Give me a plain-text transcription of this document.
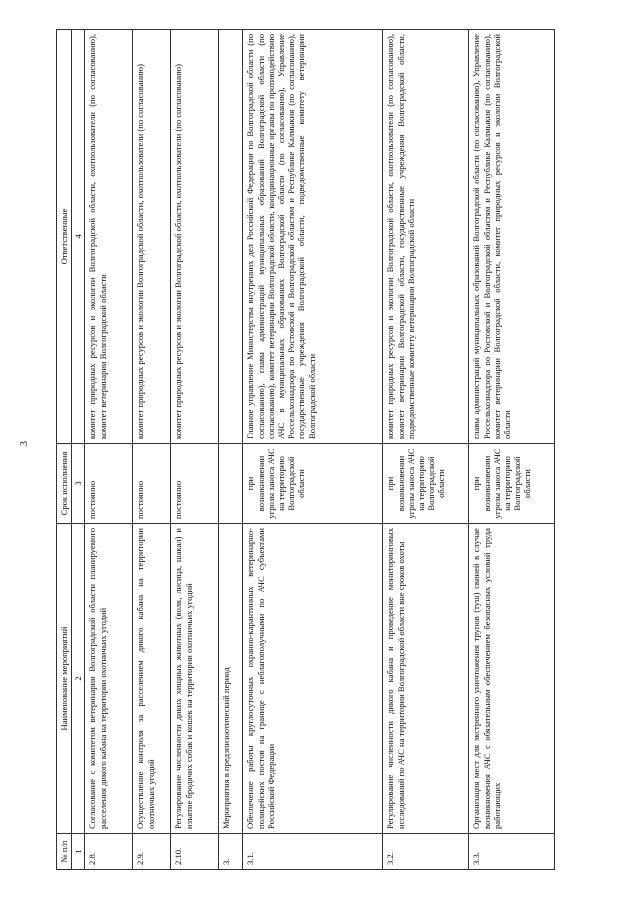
3
№ п/п	Наименование мероприятий	Срок исполнения	Ответственные
1	2	3	4
2.8.	Согласование с комитетом ветеринарии Волгоградской области планируемого расселения дикого кабана на территории охотничьих угодий	постоянно	комитет природных ресурсов и экологии Волгоградской области, охотпользователи (по согласованию), комитет ветеринарии Волгоградской области
2.9.	Осуществление контроля за расселением дикого кабана на территории охотничьих угодий	постоянно	комитет природных ресурсов и экологии Волгоградской области, охотпользователи (по согласованию)
2.10.	Регулирование численности диких хищных животных (волк, лисица, шакал) и изъятие бродячих собак и кошек на территории охотничьих угодий	постоянно	комитет природных ресурсов и экологии Волгоградской области, охотпользователи (по согласованию)
3.	Мероприятия в предэпизоотический период		
3.1.	Обеспечение работы круглосуточных охранно-карантинных ветеринарно-полицейских постов на границе с неблагополучными по АЧС субъектами Российской Федерации	при возникновении угрозы заноса АЧС на территорию Волгоградской области	Главное управление Министерства внутренних дел Российской Федерации по Волгоградской области (по согласованию), главы администраций муниципальных образований Волгоградской области (по согласованию), комитет ветеринарии Волгоградской области, координационные органы по противодействию АЧС в муниципальных образованиях Волгоградской области (по согласованию), Управление Россельхознадзора по Ростовской и Волгоградской областям и Республике Калмыкия (по согласованию), государственные учреждения Волгоградской области, подведомственные комитету ветеринарии Волгоградской области
3.2.	Регулирование численности дикого кабана и проведение мониторинговых исследований по АЧС на территории Волгоградской области вне сроков охоты	при возникновении угрозы заноса АЧС на территорию Волгоградской области	комитет природных ресурсов и экологии Волгоградской области, охотпользователи (по согласованию), комитет ветеринарии Волгоградской области, государственные учреждения Волгоградской области, подведомственные комитету ветеринарии Волгоградской области
3.3.	Организация мест для экстренного уничтожения трупов (туш) свиней в случае возникновения АЧС с обязательным обеспечением безопасных условий труда работающих	при возникновении угрозы заноса АЧС на территорию Волгоградской области	главы администраций муниципальных образований Волгоградской области (по согласованию), Управление Россельхознадзора по Ростовской и Волгоградской областям и Республике Калмыкия (по согласованию), комитет ветеринарии Волгоградской области, комитет природных ресурсов и экологии Волгоградской области
